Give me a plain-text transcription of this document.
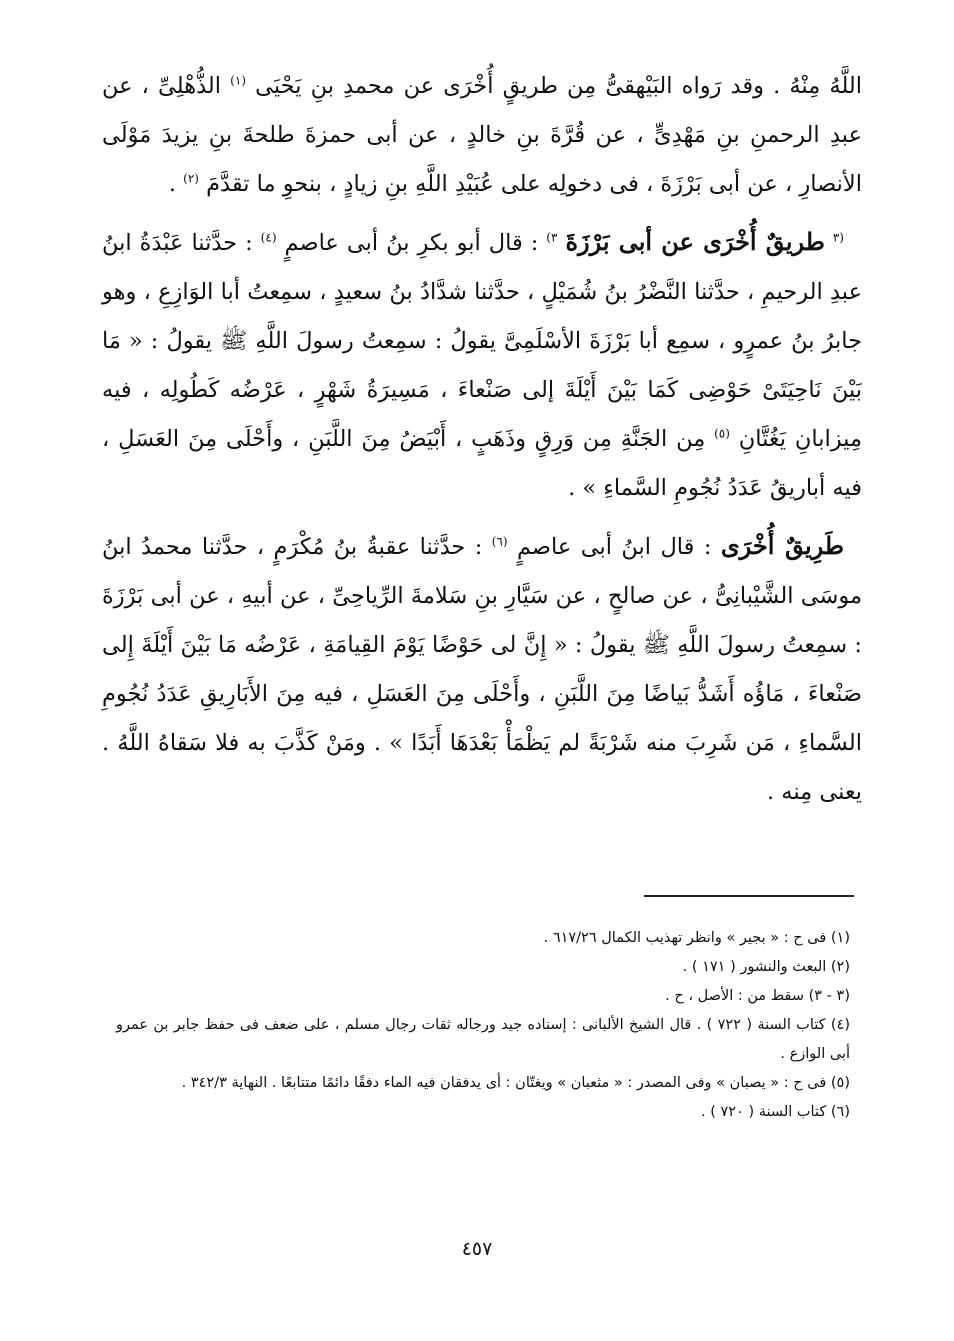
اللَّهُ مِنْهُ . وقد رَواه البَيْهقىُّ مِن طريقٍ أُخْرَى عن محمدِ بنِ يَحْيَى $^{(١)}$ الذُّهْلِىِّ ، عن عبدِ الرحمنِ بنِ مَهْدِىٍّ ، عن قُرَّةَ بنِ خالدٍ ، عن أبى حمزةَ طلحةَ بنِ يزيدَ مَوْلَى الأنصارِ ، عن أبى بَرْزَةَ ، فى دخولِه على عُبَيْدِ اللَّهِ بنِ زيادٍ ، بنحوِ ما تقدَّمَ $^{(٢)}$ .

$^{(٣}$ طريقٌ أُخْرَى عن أبى بَرْزَةَ $^{٣)}$ : قال أبو بكرِ بنُ أبى عاصمٍ $^{(٤)}$ : حدَّثنا عَبْدَةُ ابنُ عبدِ الرحيمِ ، حدَّثنا النَّضْرُ بنُ شُمَيْلٍ ، حدَّثنا شدَّادُ بنُ سعيدٍ ، سمِعتُ أبا الوَازِعِ ، وهو جابرُ بنُ عمرٍو ، سمِع أبا بَرْزَةَ الأسْلَمِىَّ يقولُ : سمِعتُ رسولَ اللَّهِ ﷺ يقولُ : « مَا بَيْنَ نَاحِيَتَىْ حَوْضِى كَمَا بَيْنَ أَيْلَةَ إلى صَنْعاءَ ، مَسِيرَةُ شَهْرٍ ، عَرْضُه كَطُولِه ، فيه مِيزابانِ يَغُتَّانِ $^{(٥)}$ مِن الجَنَّةِ مِن وَرِقٍ وذَهَبٍ ، أَبْيَضُ مِنَ اللَّبَنِ ، وأَحْلَى مِنَ العَسَلِ ، فيه أباريقُ عَدَدُ نُجُومِ السَّماءِ » .

طَرِيقٌ أُخْرَى : قال ابنُ أبى عاصمٍ $^{(٦)}$ : حدَّثنا عقبةُ بنُ مُكْرَمٍ ، حدَّثنا محمدُ ابنُ موسَى الشَّيْبانِىُّ ، عن صالحٍ ، عن سَيَّارِ بنِ سَلامةَ الرِّياحِىِّ ، عن أبيهِ ، عن أبى بَرْزَةَ : سمِعتُ رسولَ اللَّهِ ﷺ يقولُ : « إِنَّ لى حَوْضًا يَوْمَ القِيامَةِ ، عَرْضُه مَا بَيْنَ أَيْلَةَ إِلى صَنْعاءَ ، مَاؤُه أَشَدُّ بَياضًا مِنَ اللَّبَنِ ، وأَحْلَى مِنَ العَسَلِ ، فيه مِنَ الأَبَارِيقِ عَدَدُ نُجُومِ السَّماءِ ، مَن شَرِبَ منه شَرْبَةً لم يَظْمَأْ بَعْدَهَا أَبَدًا » . ومَنْ كَذَّبَ به فلا سَقاهُ اللَّهُ . يعنى مِنه .

(١) فى ح : « بجير » وانظر تهذيب الكمال ٦١٧/٢٦ .

(٢) البعث والنشور ( ١٧١ ) .

(٣ - ٣) سقط من : الأصل ، ح .

(٤) كتاب السنة ( ٧٢٢ ) . قال الشيخ الألبانى : إسناده جيد ورجاله ثقات رجال مسلم ، على ضعف فى حفظ جابر بن عمرو أبى الوازع .

(٥) فى ح : « يصبان » وفى المصدر : « مثعبان » ويغتّان : أى يدفقان فيه الماء دفقًا دائمًا متتابعًا . النهاية ٣٤٢/٣ .

(٦) كتاب السنة ( ٧٢٠ ) .

٤٥٧
